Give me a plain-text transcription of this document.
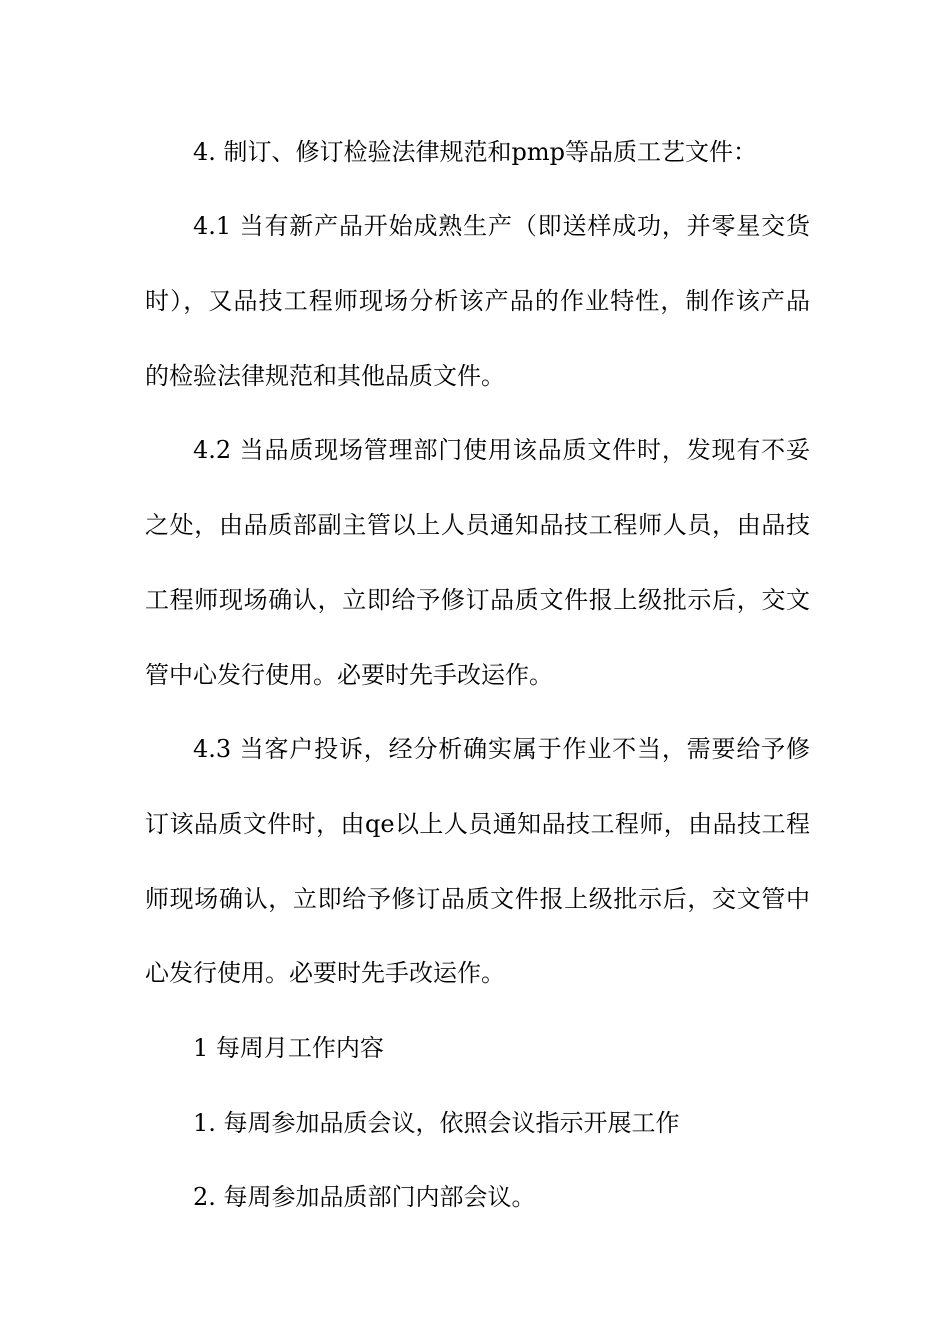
4. 制订、修订检验法律规范和pmp等品质工艺文件：
4.1 当有新产品开始成熟生产（即送样成功，并零星交货
时），又品技工程师现场分析该产品的作业特性，制作该产品
的检验法律规范和其他品质文件。
4.2 当品质现场管理部门使用该品质文件时，发现有不妥
之处，由品质部副主管以上人员通知品技工程师人员，由品技
工程师现场确认，立即给予修订品质文件报上级批示后，交文
管中心发行使用。必要时先手改运作。
4.3 当客户投诉，经分析确实属于作业不当，需要给予修
订该品质文件时，由qe以上人员通知品技工程师，由品技工程
师现场确认，立即给予修订品质文件报上级批示后，交文管中
心发行使用。必要时先手改运作。
1 每周月工作内容
1. 每周参加品质会议，依照会议指示开展工作
2. 每周参加品质部门内部会议。
